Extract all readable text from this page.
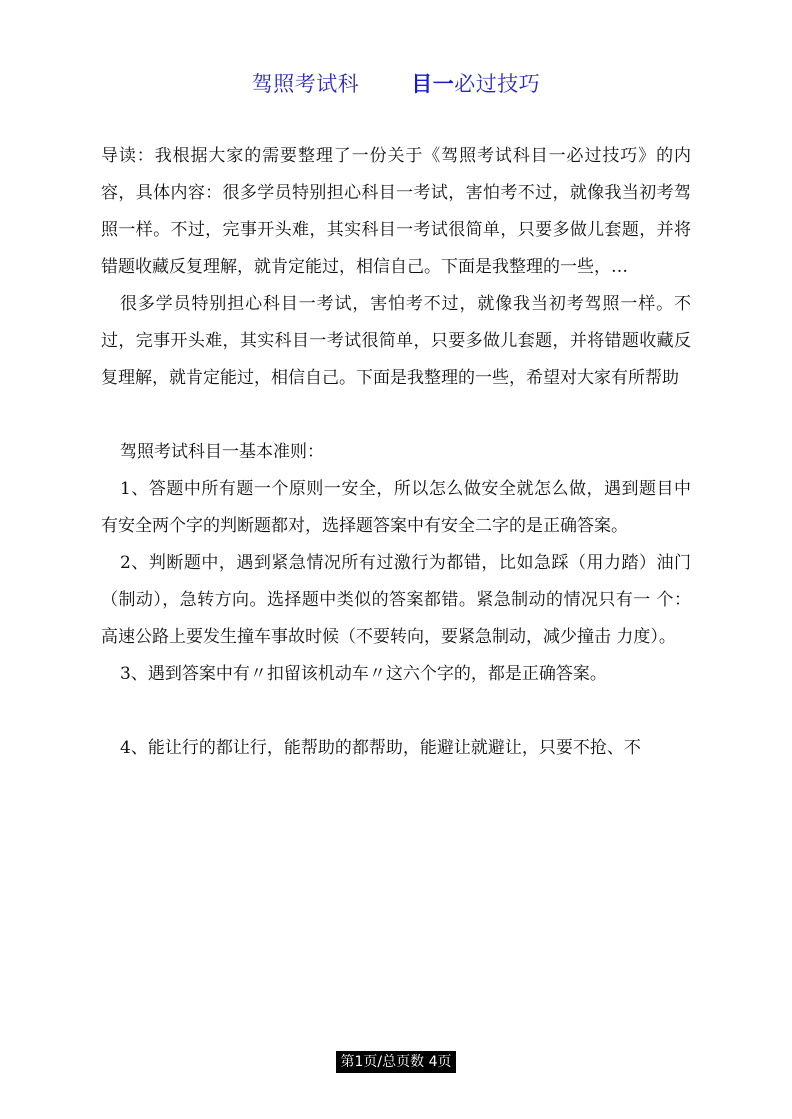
驾照考试科 目一必过技巧

导读：我根据大家的需要整理了一份关于《驾照考试科目一必过技巧》的内容，具体内容：很多学员特别担心科目一考试，害怕考不过，就像我当初考驾照一样。不过，完事开头难，其实科目一考试很简单，只要多做儿套题，并将错题收藏反复理解，就肯定能过，相信自己。下面是我整理的一些，…

很多学员特别担心科目一考试，害怕考不过，就像我当初考驾照一样。不过，完事开头难，其实科目一考试很简单，只要多做儿套题，并将错题收藏反复理解，就肯定能过，相信自己。下面是我整理的一些，希望对大家有所帮助

驾照考试科目一基本准则：

1、答题中所有题一个原则一安全，所以怎么做安全就怎么做，遇到题目中有安全两个字的判断题都对，选择题答案中有安全二字的是正确答案。

2、判断题中，遇到紧急情况所有过激行为都错，比如急踩（用力踏）油门（制动），急转方向。选择题中类似的答案都错。紧急制动的情况只有一 个：高速公路上要发生撞车事故时候（不要转向，要紧急制动，减少撞击 力度）。

3、遇到答案中有〃扣留该机动车〃这六个字的，都是正确答案。

4、能让行的都让行，能帮助的都帮助，能避让就避让，只要不抢、不

第1页/总页数 4页
